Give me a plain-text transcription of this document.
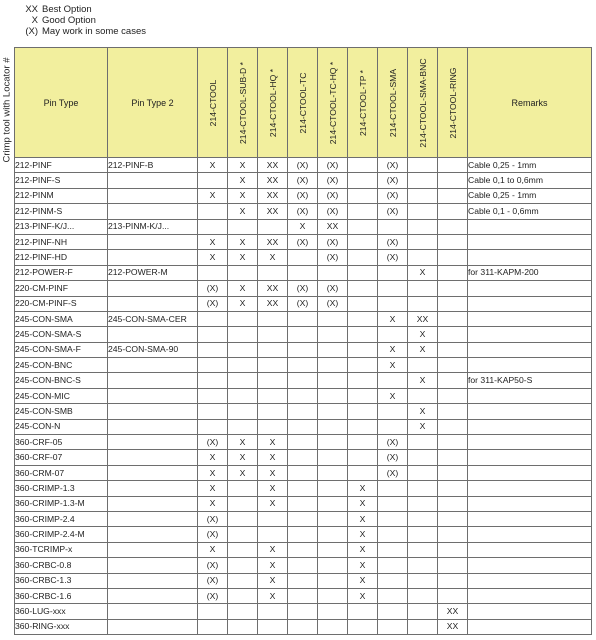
XX Best Option
X Good Option
(X) May work in some cases
Crimp tool with Locator #	Pin Type	Pin Type 2	214-CTOOL	214-CTOOL-SUB-D *	214-CTOOL-HQ *	214-CTOOL-TC	214-CTOOL-TC-HQ *	214-CTOOL-TP *	214-CTOOL-SMA	214-CTOOL-SMA-BNC	214-CTOOL-RING	Remarks
212-PINF	212-PINF-B	X	X	XX	(X)	(X)		(X)			Cable 0,25 - 1mm
212-PINF-S			X	XX	(X)	(X)		(X)			Cable 0,1 to 0,6mm
212-PINM		X	X	XX	(X)	(X)		(X)			Cable 0,25 - 1mm
212-PINM-S			X	XX	(X)	(X)		(X)			Cable 0,1 - 0,6mm
213-PINF-K/J...	213-PINM-K/J...				X	XX					
212-PINF-NH		X	X	XX	(X)	(X)		(X)			
212-PINF-HD		X	X	X		(X)		(X)			
212-POWER-F	212-POWER-M								X		for 311-KAPM-200
220-CM-PINF		(X)	X	XX	(X)	(X)					
220-CM-PINF-S		(X)	X	XX	(X)	(X)					
245-CON-SMA	245-CON-SMA-CER							X	XX		
245-CON-SMA-S									X		
245-CON-SMA-F	245-CON-SMA-90							X	X		
245-CON-BNC								X			
245-CON-BNC-S									X		for 311-KAP50-S
245-CON-MIC								X			
245-CON-SMB									X		
245-CON-N									X		
360-CRF-05		(X)	X	X				(X)			
360-CRF-07		X	X	X				(X)			
360-CRM-07		X	X	X				(X)			
360-CRIMP-1.3		X		X			X				
360-CRIMP-1.3-M		X		X			X				
360-CRIMP-2.4		(X)					X				
360-CRIMP-2.4-M		(X)					X				
360-TCRIMP-x		X		X			X				
360-CRBC-0.8		(X)		X			X				
360-CRBC-1.3		(X)		X			X				
360-CRBC-1.6		(X)		X			X				
360-LUG-xxx										XX	
360-RING-xxx										XX	
